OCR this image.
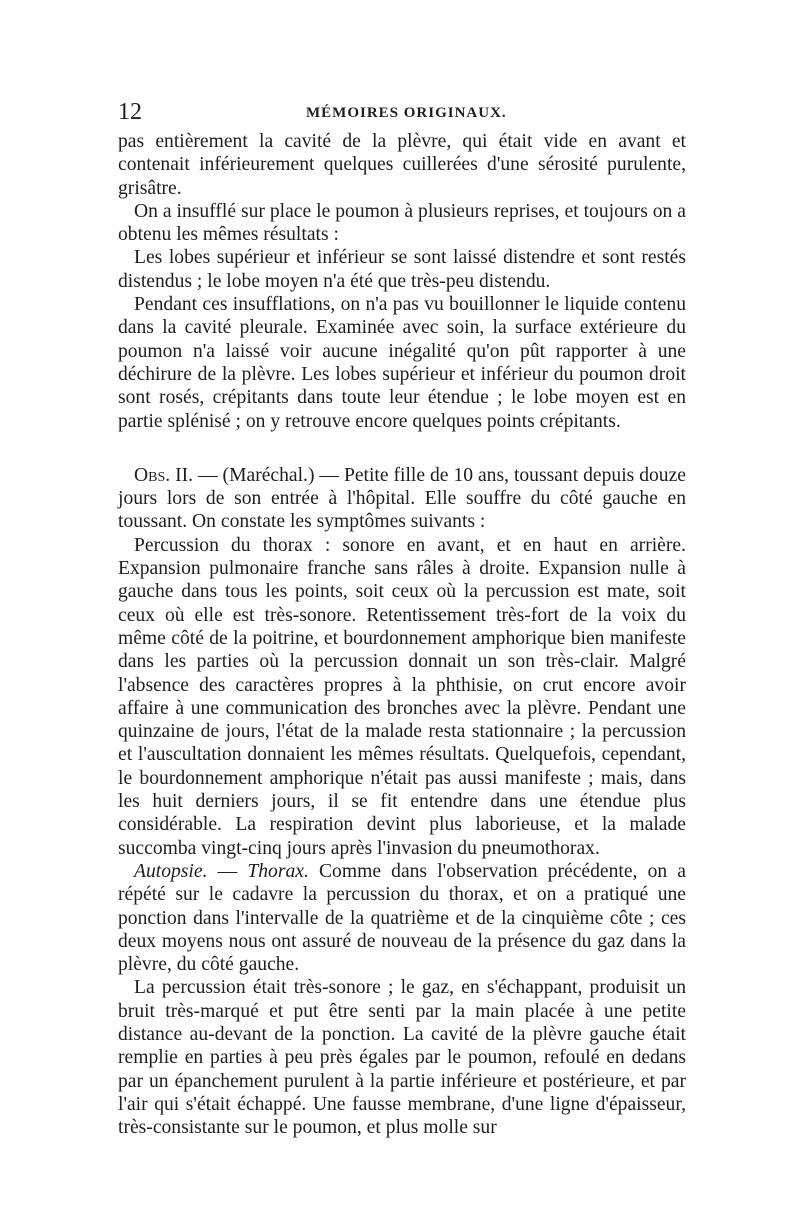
12	MÉMOIRES ORIGINAUX.

pas entièrement la cavité de la plèvre, qui était vide en avant et contenait inférieurement quelques cuillerées d'une sérosité purulente, grisâtre.

On a insufflé sur place le poumon à plusieurs reprises, et toujours on a obtenu les mêmes résultats :

Les lobes supérieur et inférieur se sont laissé distendre et sont restés distendus ; le lobe moyen n'a été que très-peu distendu.

Pendant ces insufflations, on n'a pas vu bouillonner le liquide contenu dans la cavité pleurale. Examinée avec soin, la surface extérieure du poumon n'a laissé voir aucune inégalité qu'on pût rapporter à une déchirure de la plèvre. Les lobes supérieur et inférieur du poumon droit sont rosés, crépitants dans toute leur étendue ; le lobe moyen est en partie splénisé ; on y retrouve encore quelques points crépitants.

Obs. II. — (Maréchal.) — Petite fille de 10 ans, toussant depuis douze jours lors de son entrée à l'hôpital. Elle souffre du côté gauche en toussant. On constate les symptômes suivants :

Percussion du thorax : sonore en avant, et en haut en arrière. Expansion pulmonaire franche sans râles à droite. Expansion nulle à gauche dans tous les points, soit ceux où la percussion est mate, soit ceux où elle est très-sonore. Retentissement très-fort de la voix du même côté de la poitrine, et bourdonnement amphorique bien manifeste dans les parties où la percussion donnait un son très-clair. Malgré l'absence des caractères propres à la phthisie, on crut encore avoir affaire à une communication des bronches avec la plèvre. Pendant une quinzaine de jours, l'état de la malade resta stationnaire ; la percussion et l'auscultation donnaient les mêmes résultats. Quelquefois, cependant, le bourdonnement amphorique n'était pas aussi manifeste ; mais, dans les huit derniers jours, il se fit entendre dans une étendue plus considérable. La respiration devint plus laborieuse, et la malade succomba vingt-cinq jours après l'invasion du pneumothorax.

Autopsie. — Thorax. Comme dans l'observation précédente, on a répété sur le cadavre la percussion du thorax, et on a pratiqué une ponction dans l'intervalle de la quatrième et de la cinquième côte ; ces deux moyens nous ont assuré de nouveau de la présence du gaz dans la plèvre, du côté gauche.

La percussion était très-sonore ; le gaz, en s'échappant, produisit un bruit très-marqué et put être senti par la main placée à une petite distance au-devant de la ponction. La cavité de la plèvre gauche était remplie en parties à peu près égales par le poumon, refoulé en dedans par un épanchement purulent à la partie inférieure et postérieure, et par l'air qui s'était échappé. Une fausse membrane, d'une ligne d'épaisseur, très-consistante sur le poumon, et plus molle sur
